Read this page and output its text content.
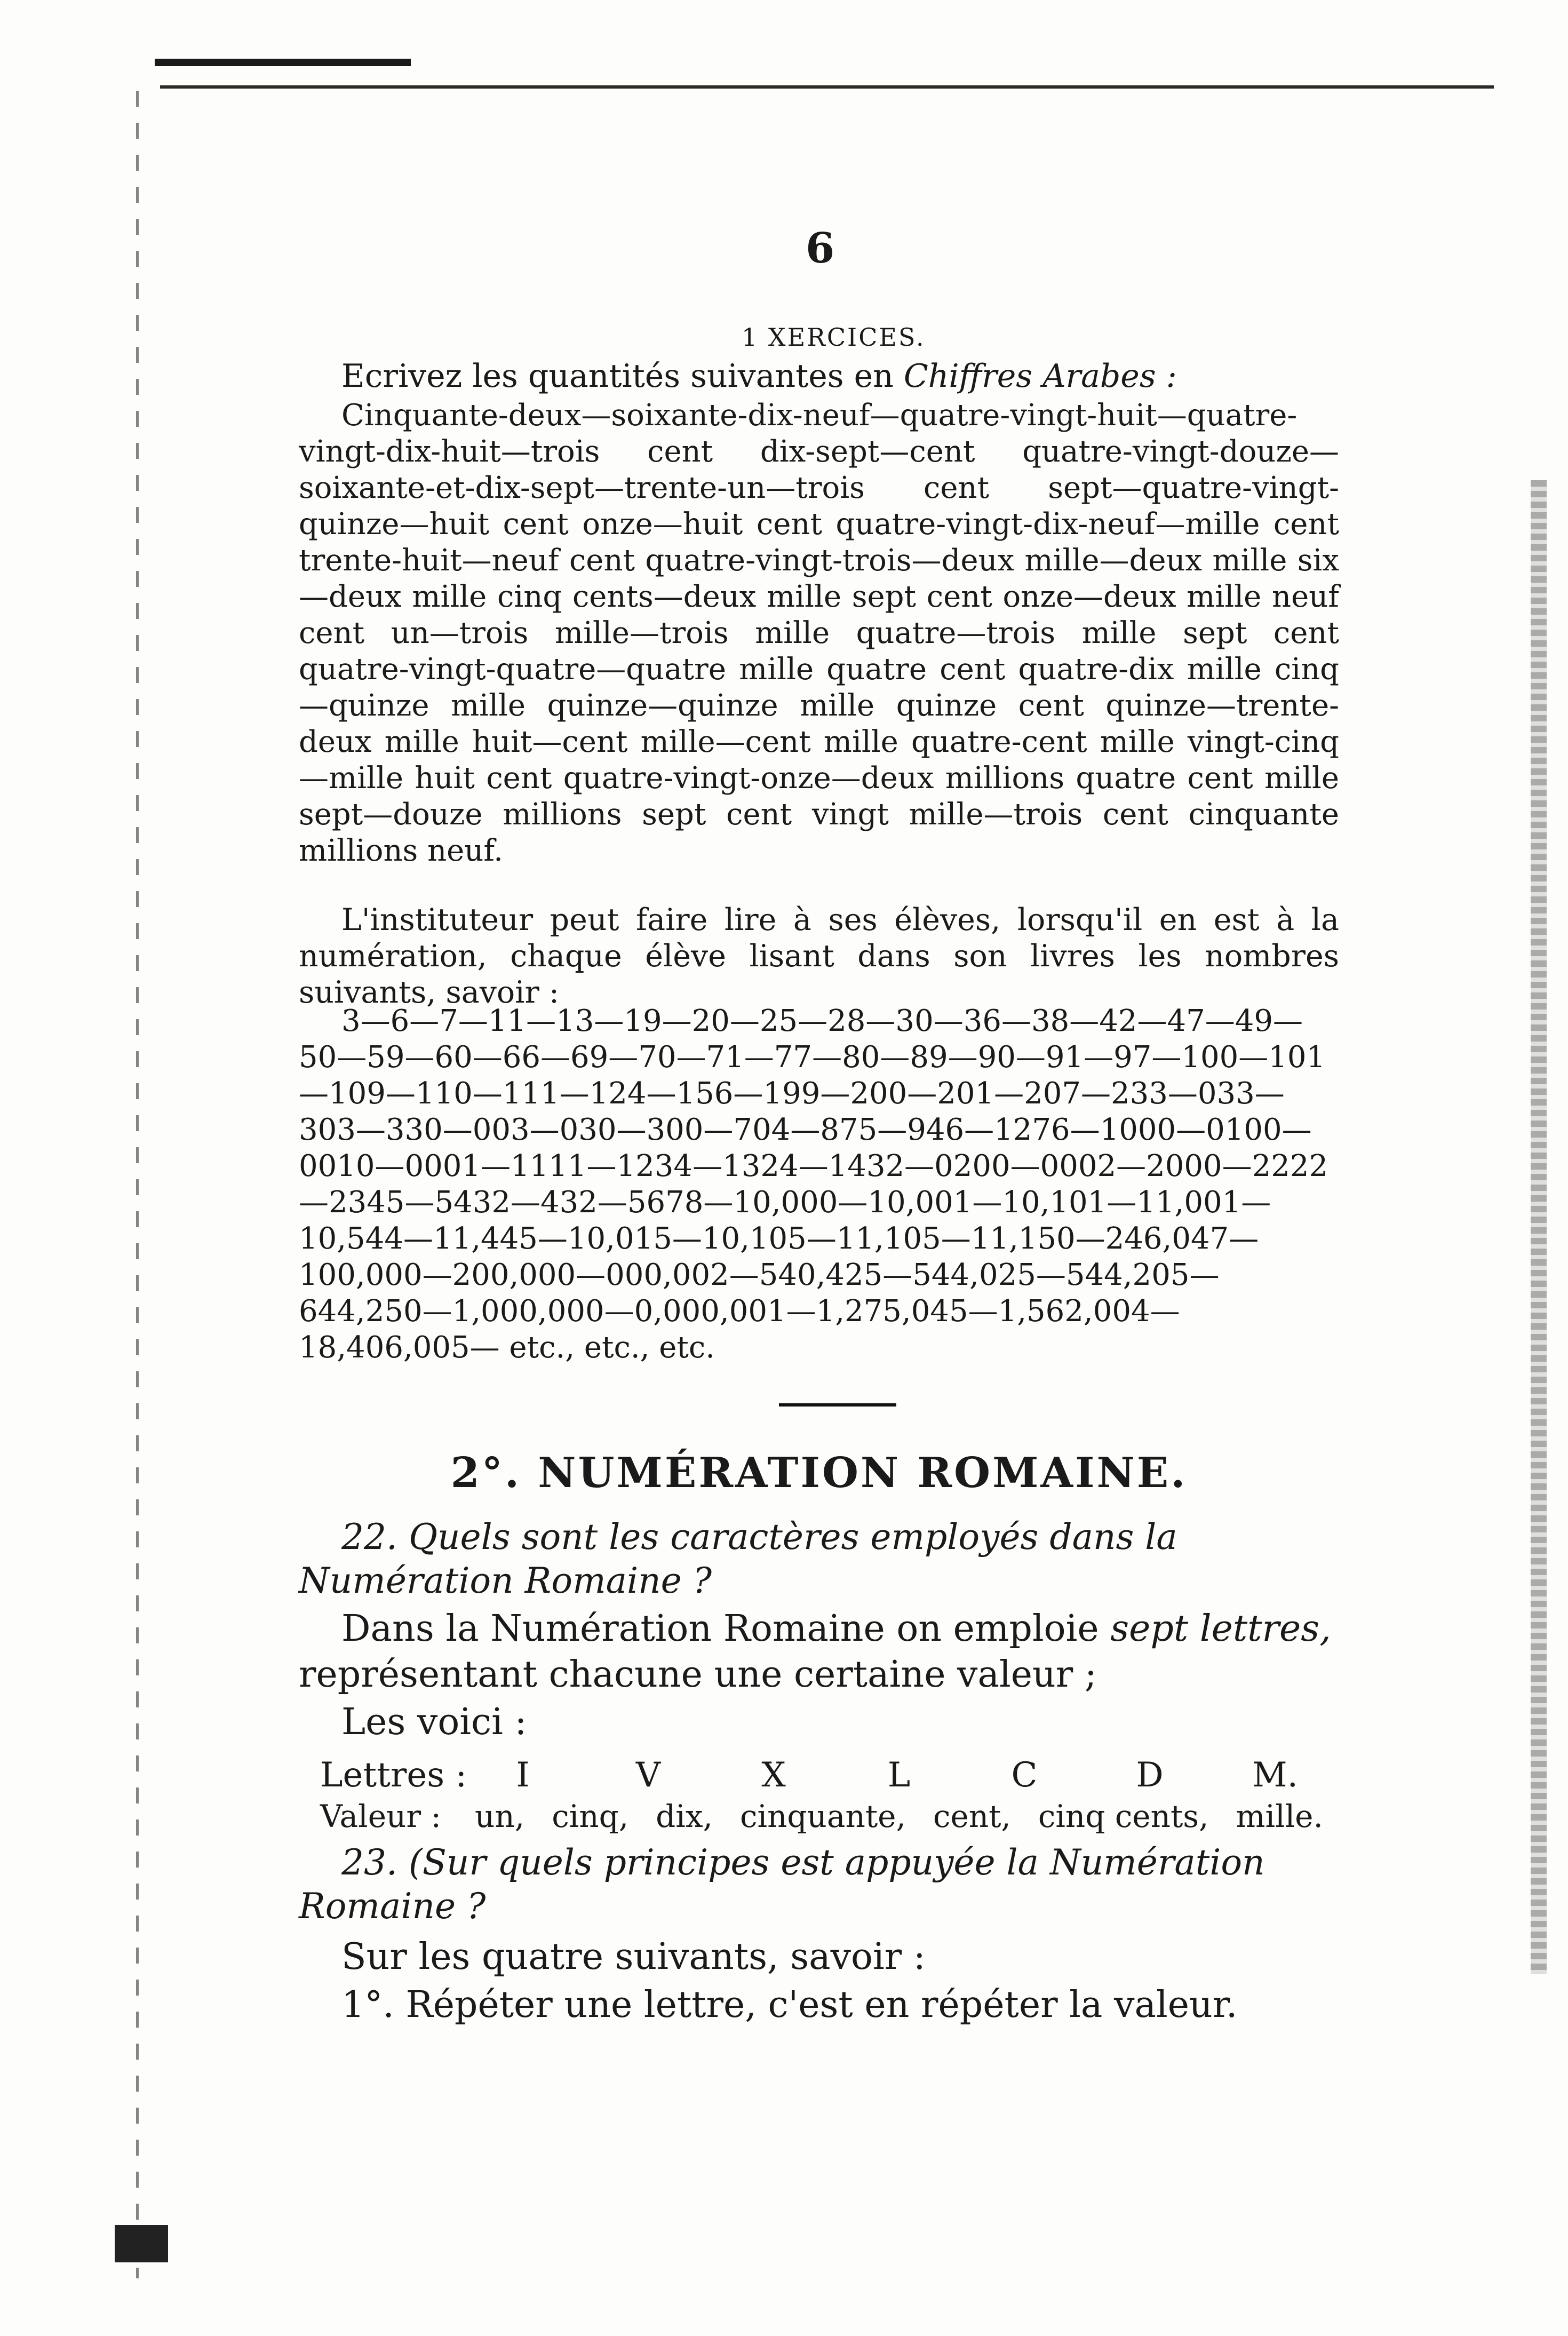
6
1 XERCICES.
Ecrivez les quantités suivantes en Chiffres Arabes :
Cinquante-deux—soixante-dix-neuf—quatre-vingt-huit—quatre-vingt-dix-huit—trois cent dix-sept—cent quatre-vingt-douze—soixante-et-dix-sept—trente-un—trois cent sept—quatre-vingt-quinze—huit cent onze—huit cent quatre-vingt-dix-neuf—mille cent trente-huit—neuf cent quatre-vingt-trois—deux mille—deux mille six—deux mille cinq cents—deux mille sept cent onze—deux mille neuf cent un—trois mille—trois mille quatre—trois mille sept cent quatre-vingt-quatre—quatre mille quatre cent quatre-dix mille cinq—quinze mille quinze—quinze mille quinze cent quinze—trente-deux mille huit—cent mille—cent mille quatre-cent mille vingt-cinq—mille huit cent quatre-vingt-onze—deux millions quatre cent mille sept—douze millions sept cent vingt mille—trois cent cinquante millions neuf.
L'instituteur peut faire lire à ses élèves, lorsqu'il en est à la numération, chaque élève lisant dans son livres les nombres suivants, savoir :
3—6—7—11—13—19—20—25—28—30—36—38—42—47—49—50—59—60—66—69—70—71—77—80—89—90—91—97—100—101—109—110—111—124—156—199—200—201—207—233—033—303—330—003—030—300—704—875—946—1276—1000—0100—0010—0001—1111—1234—1324—1432—0200—0002—2000—2222—2345—5432—432—5678—10,000—10,001—10,101—11,001—10,544—11,445—10,015—10,105—11,105—11,150—246,047—100,000—200,000—000,002—540,425—544,025—544,205—644,250—1,000,000—0,000,001—1,275,045—1,562,004—18,406,005— etc., etc., etc.
2°. NUMÉRATION ROMAINE.
22. Quels sont les caractères employés dans la Numération Romaine ?
Dans la Numération Romaine on emploie sept lettres, représentant chacune une certaine valeur ;
Les voici :
Lettres :	I	V	X	L	C	D	M.
Valeur :	un, cinq, dix, cinquante, cent, cinq cents, mille.
23. (Sur quels principes est appuyée la Numération Romaine ?
Sur les quatre suivants, savoir :
1°. Répéter une lettre, c'est en répéter la valeur.
